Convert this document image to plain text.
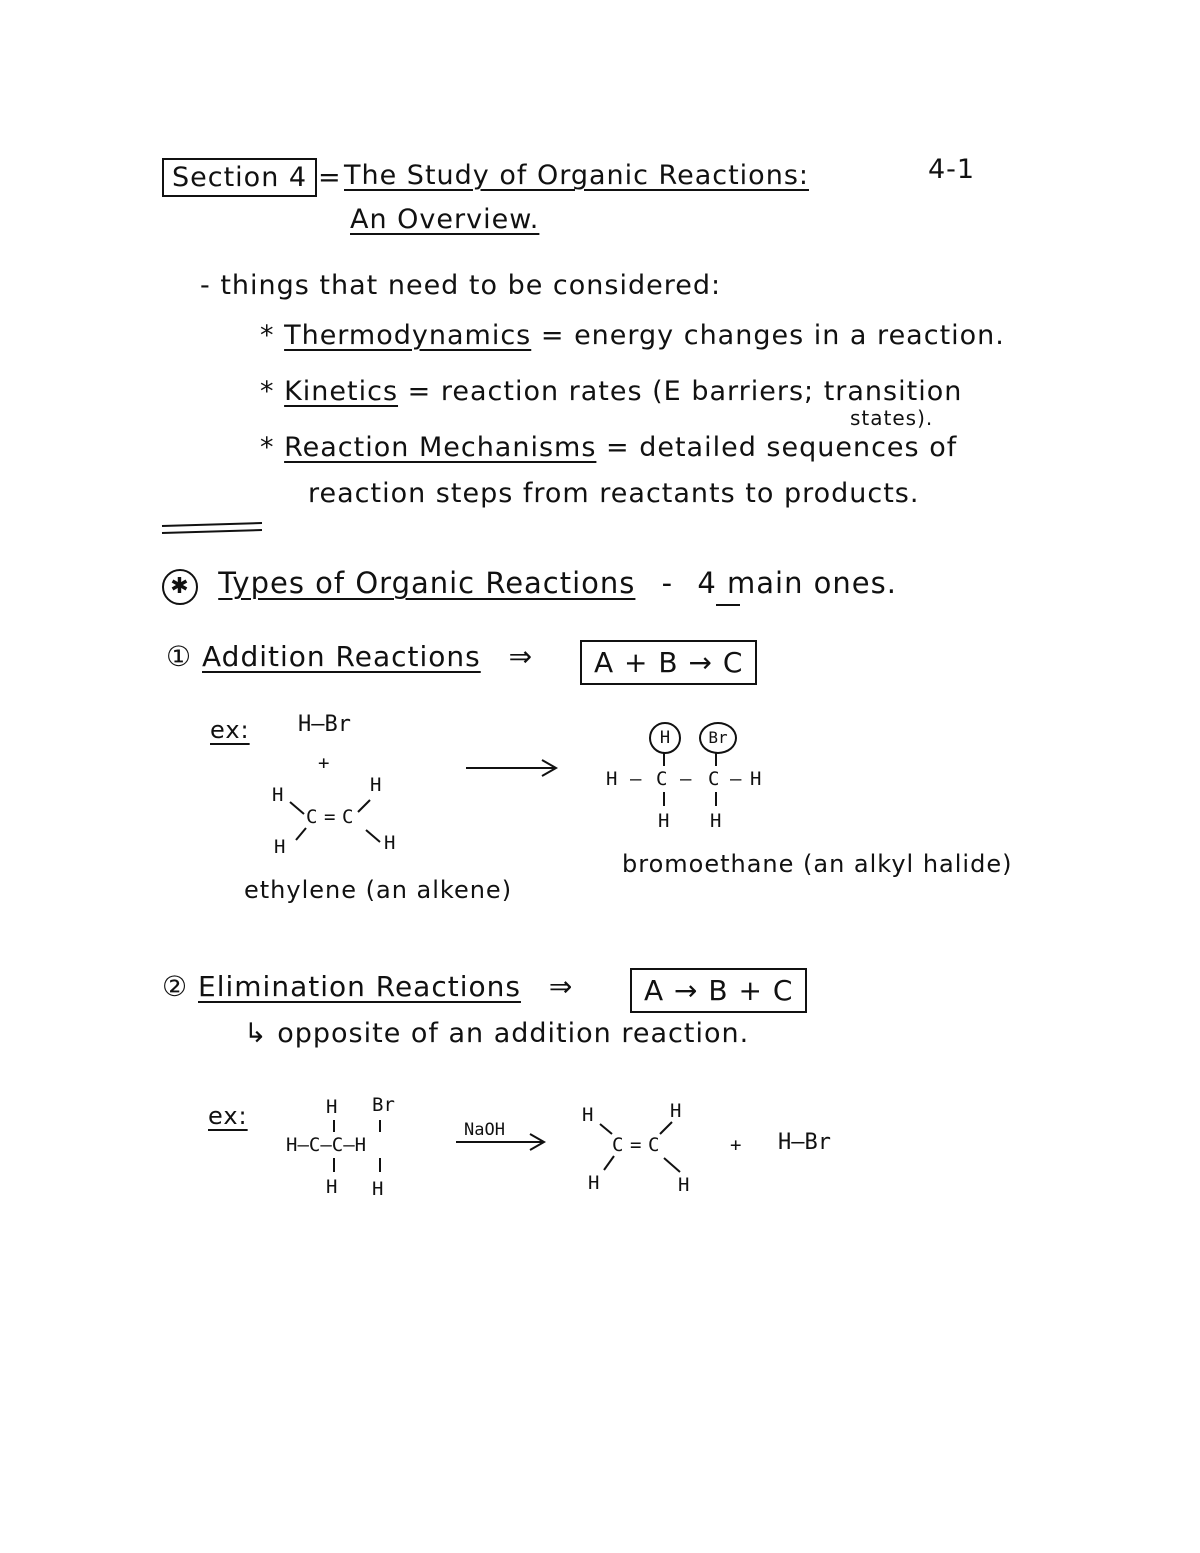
Section 4 = The Study of Organic Reactions:
An Overview.
4-1
- things that need to be considered:
* Thermodynamics = energy changes in a reaction.
* Kinetics = reaction rates (E barriers; transition
states).
* Reaction Mechanisms = detailed sequences of
reaction steps from reactants to products.
✱ Types of Organic Reactions - 4 main ones.
① Addition Reactions ⇒	A + B → C
ex: H–Br
+
H	H
C = C
H	H
ethylene (an alkene)
H	Br
H – C – C – H
H H
bromoethane (an alkyl halide)
② Elimination Reactions ⇒	A → B + C
↳ opposite of an addition reaction.
ex:	H Br
H–C–C–H
H H
NaOH
H	H
C = C
H	H
+ H–Br
